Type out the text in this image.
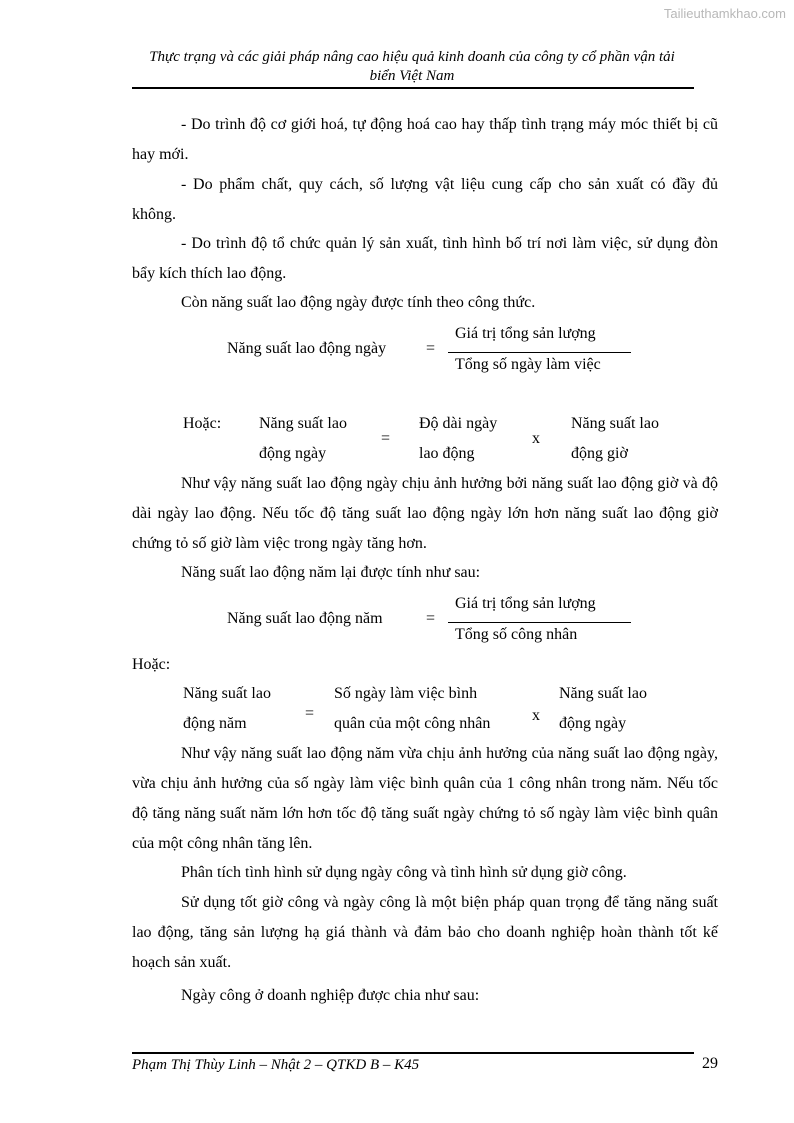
Tailieuthamkhao.com
Thực trạng và các giải pháp nâng cao hiệu quả kinh doanh của công ty cổ phần vận tải
biển Việt Nam

- Do trình độ cơ giới hoá, tự động hoá cao hay thấp tình trạng máy móc thiết bị cũ hay mới.

- Do phẩm chất, quy cách, số lượng vật liệu cung cấp cho sản xuất có đầy đủ không.

- Do trình độ tổ chức quản lý sản xuất, tình hình bố trí nơi làm việc, sử dụng đòn bẩy kích thích lao động.

Còn năng suất lao động ngày được tính theo công thức.

Năng suất lao động ngày =
Giá trị tổng sản lượng
Tổng số ngày làm việc
Hoặc: Năng suất lao
động ngày
=
Độ dài ngày
lao động
x
Năng suất lao
động giờ

Như vậy năng suất lao động ngày chịu ảnh hưởng bởi năng suất lao động giờ và độ dài ngày lao động. Nếu tốc độ tăng suất lao động ngày lớn hơn năng suất lao động giờ chứng tỏ số giờ làm việc trong ngày tăng hơn.

Năng suất lao động năm lại được tính như sau:

Năng suất lao động năm	=
Giá trị tổng sản lượng
Tổng số công nhân
Hoặc:
Năng suất lao
động năm
=
Số ngày làm việc bình
quân của một công nhân	x
Năng suất lao
động ngày

Như vậy năng suất lao động năm vừa chịu ảnh hưởng của năng suất lao động ngày, vừa chịu ảnh hưởng của số ngày làm việc bình quân của 1 công nhân trong năm. Nếu tốc độ tăng năng suất năm lớn hơn tốc độ tăng suất ngày chứng tỏ số ngày làm việc bình quân của một công nhân tăng lên.

Phân tích tình hình sử dụng ngày công và tình hình sử dụng giờ công.

Sử dụng tốt giờ công và ngày công là một biện pháp quan trọng để tăng năng suất lao động, tăng sản lượng hạ giá thành và đảm bảo cho doanh nghiệp hoàn thành tốt kế hoạch sản xuất.

Ngày công ở doanh nghiệp được chia như sau:

Phạm Thị Thùy Linh – Nhật 2 – QTKD B – K45	29
